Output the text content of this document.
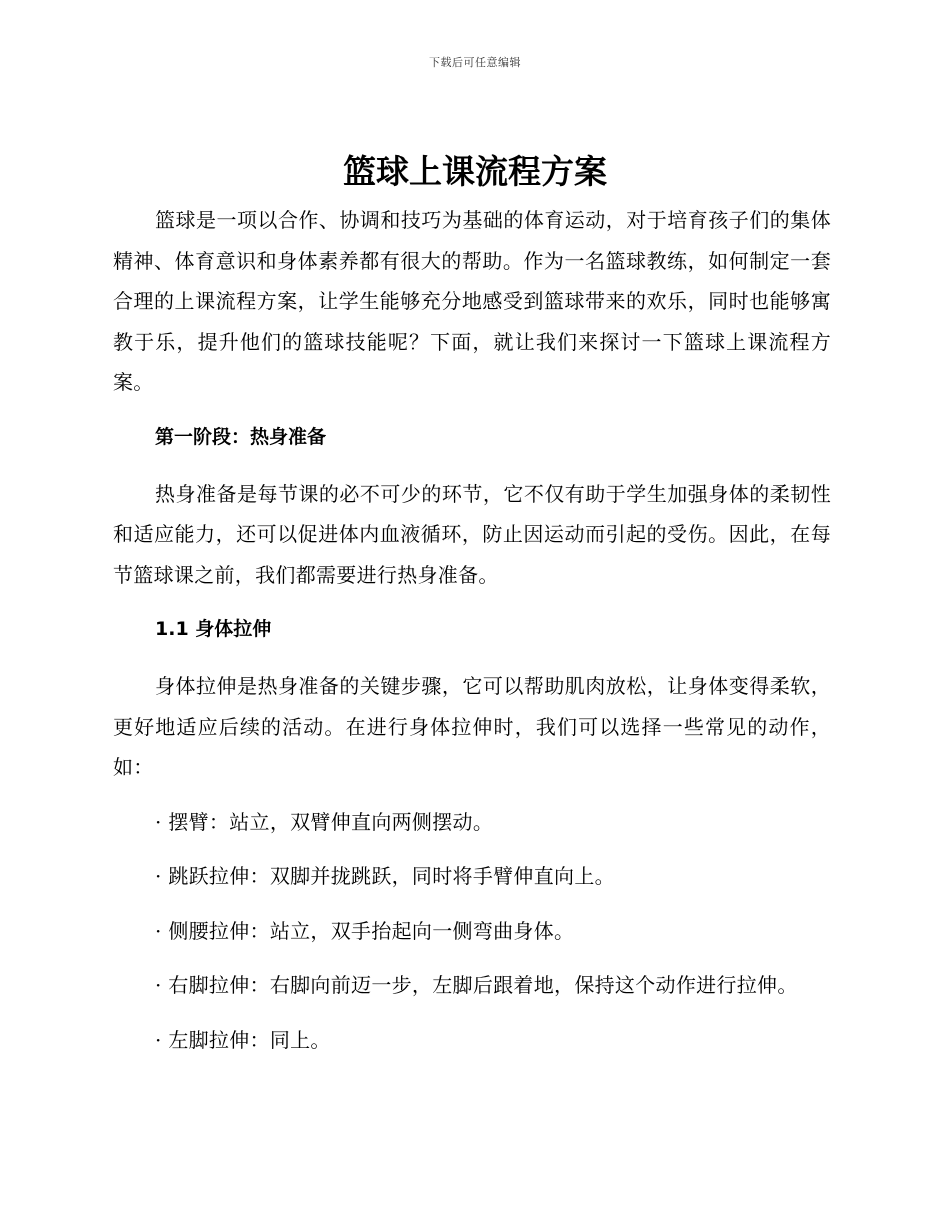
下载后可任意编辑
篮球上课流程方案

篮球是一项以合作、协调和技巧为基础的体育运动，对于培育孩子们的集体精神、体育意识和身体素养都有很大的帮助。作为一名篮球教练，如何制定一套合理的上课流程方案，让学生能够充分地感受到篮球带来的欢乐，同时也能够寓教于乐，提升他们的篮球技能呢？下面，就让我们来探讨一下篮球上课流程方案。

第一阶段：热身准备

热身准备是每节课的必不可少的环节，它不仅有助于学生加强身体的柔韧性和适应能力，还可以促进体内血液循环，防止因运动而引起的受伤。因此，在每节篮球课之前，我们都需要进行热身准备。

1.1 身体拉伸

身体拉伸是热身准备的关键步骤，它可以帮助肌肉放松，让身体变得柔软，更好地适应后续的活动。在进行身体拉伸时，我们可以选择一些常见的动作，如：

· 摆臂：站立，双臂伸直向两侧摆动。

· 跳跃拉伸：双脚并拢跳跃，同时将手臂伸直向上。

· 侧腰拉伸：站立，双手抬起向一侧弯曲身体。

· 右脚拉伸：右脚向前迈一步，左脚后跟着地，保持这个动作进行拉伸。

· 左脚拉伸：同上。
